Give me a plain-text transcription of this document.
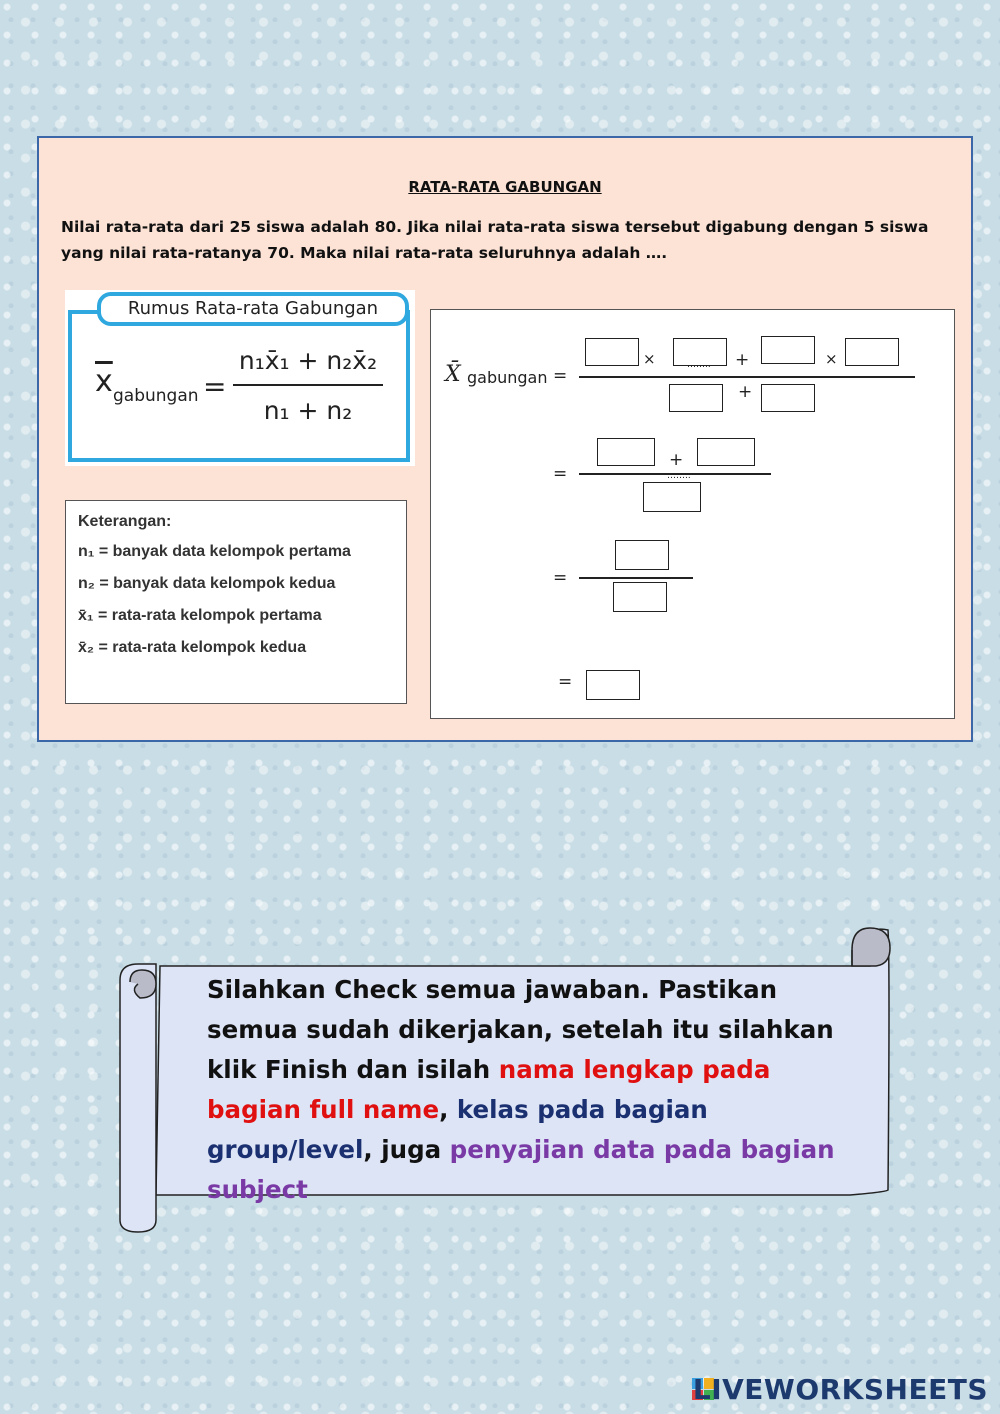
RATA-RATA GABUNGAN
Nilai rata-rata dari 25 siswa adalah 80. Jika nilai rata-rata siswa tersebut digabung dengan 5 siswa yang nilai rata-ratanya 70. Maka nilai rata-rata seluruhnya adalah ….
Rumus Rata-rata Gabungan
$\overline{x}$ gabungan =
n₁x̄₁ + n₂x̄₂
n₁ + n₂
Keterangan:
n₁ = banyak data kelompok pertama
n₂ = banyak data kelompok kedua
x̄₁ = rata-rata kelompok pertama
x̄₂ = rata-rata kelompok kedua
X̄ gabungan =
×	…….. +	×
+
=
+
……..
=
=
Silahkan Check semua jawaban. Pastikan semua sudah dikerjakan, setelah itu silahkan klik Finish dan isilah nama lengkap pada bagian full name, kelas pada bagian group/level, juga penyajian data pada bagian subject
LIVEWORKSHEETS
